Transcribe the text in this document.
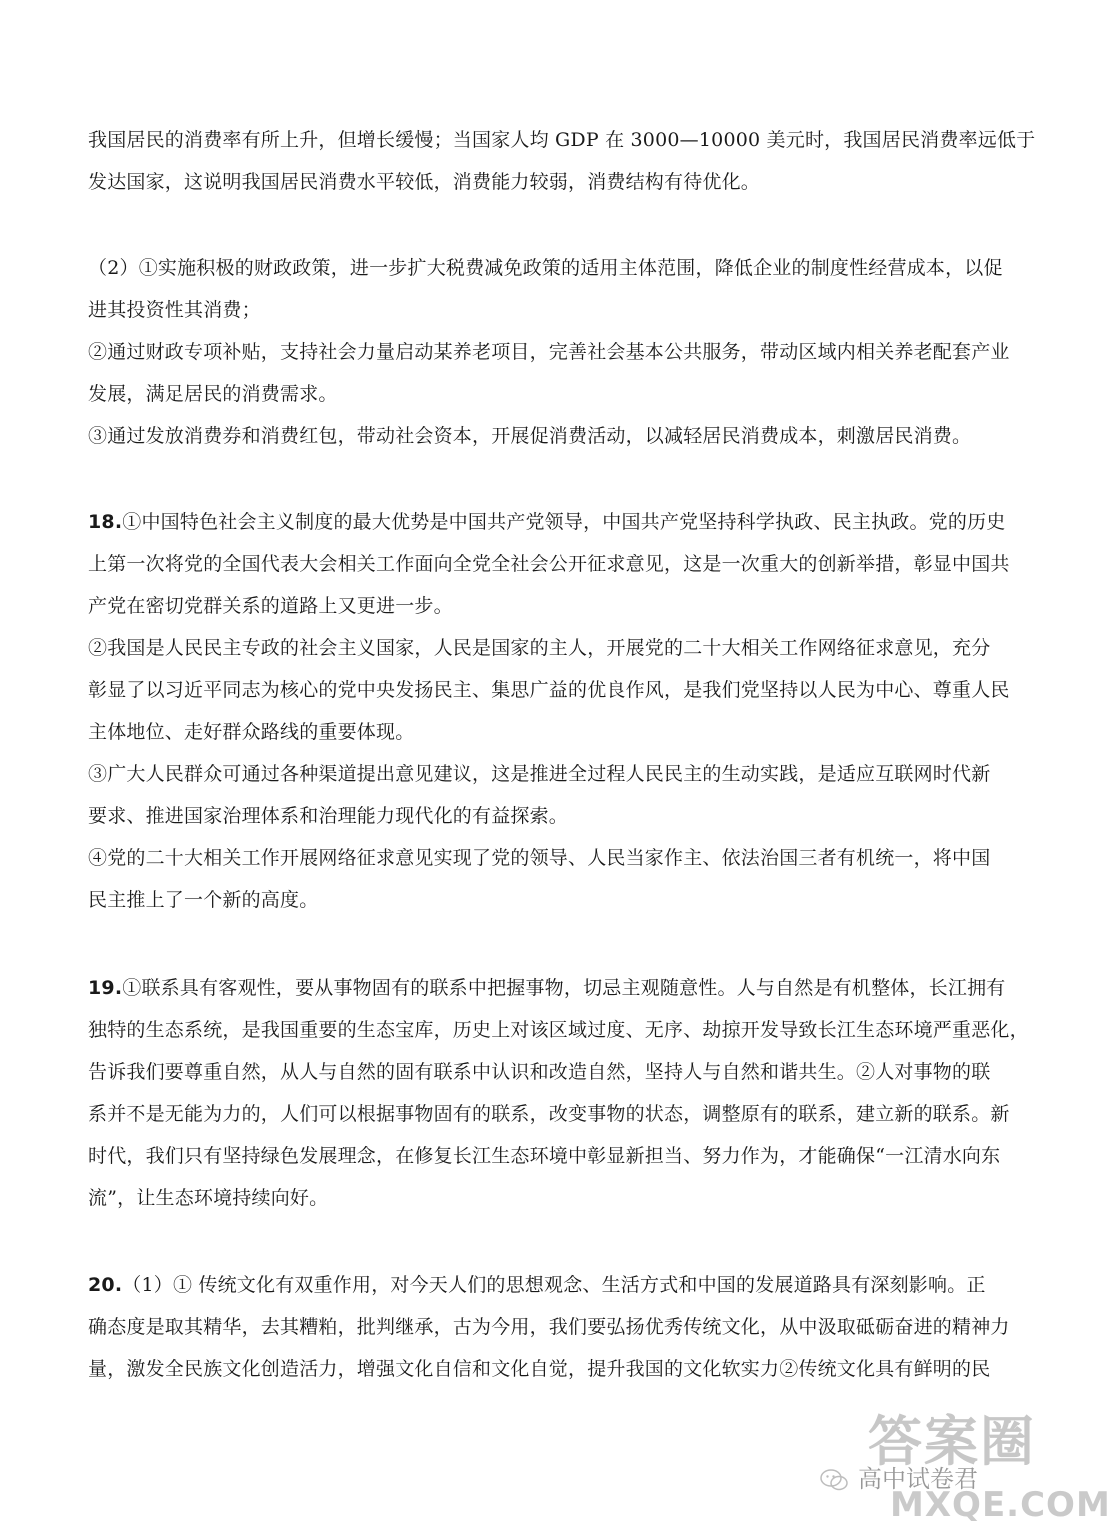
我国居民的消费率有所上升，但增长缓慢；当国家人均 GDP 在 3000—10000 美元时，我国居民消费率远低于
发达国家，这说明我国居民消费水平较低，消费能力较弱，消费结构有待优化。
（2）①实施积极的财政政策，进一步扩大税费减免政策的适用主体范围，降低企业的制度性经营成本，以促
进其投资性其消费；
②通过财政专项补贴，支持社会力量启动某养老项目，完善社会基本公共服务，带动区域内相关养老配套产业
发展，满足居民的消费需求。
③通过发放消费券和消费红包，带动社会资本，开展促消费活动，以减轻居民消费成本，刺激居民消费。
18.①中国特色社会主义制度的最大优势是中国共产党领导，中国共产党坚持科学执政、民主执政。党的历史
上第一次将党的全国代表大会相关工作面向全党全社会公开征求意见，这是一次重大的创新举措，彰显中国共
产党在密切党群关系的道路上又更进一步。
②我国是人民民主专政的社会主义国家，人民是国家的主人，开展党的二十大相关工作网络征求意见，充分
彰显了以习近平同志为核心的党中央发扬民主、集思广益的优良作风，是我们党坚持以人民为中心、尊重人民
主体地位、走好群众路线的重要体现。
③广大人民群众可通过各种渠道提出意见建议，这是推进全过程人民民主的生动实践，是适应互联网时代新
要求、推进国家治理体系和治理能力现代化的有益探索。
④党的二十大相关工作开展网络征求意见实现了党的领导、人民当家作主、依法治国三者有机统一，将中国
民主推上了一个新的高度。
19.①联系具有客观性，要从事物固有的联系中把握事物，切忌主观随意性。人与自然是有机整体，长江拥有
独特的生态系统，是我国重要的生态宝库，历史上对该区域过度、无序、劫掠开发导致长江生态环境严重恶化，
告诉我们要尊重自然，从人与自然的固有联系中认识和改造自然，坚持人与自然和谐共生。②人对事物的联
系并不是无能为力的，人们可以根据事物固有的联系，改变事物的状态，调整原有的联系，建立新的联系。新
时代，我们只有坚持绿色发展理念，在修复长江生态环境中彰显新担当、努力作为，才能确保“一江清水向东
流”，让生态环境持续向好。
20.（1）① 传统文化有双重作用，对今天人们的思想观念、生活方式和中国的发展道路具有深刻影响。正
确态度是取其精华，去其糟粕，批判继承，古为今用，我们要弘扬优秀传统文化，从中汲取砥砺奋进的精神力
量，激发全民族文化创造活力，增强文化自信和文化自觉，提升我国的文化软实力②传统文化具有鲜明的民
答案圈
高中试卷君
MXQE.COM
